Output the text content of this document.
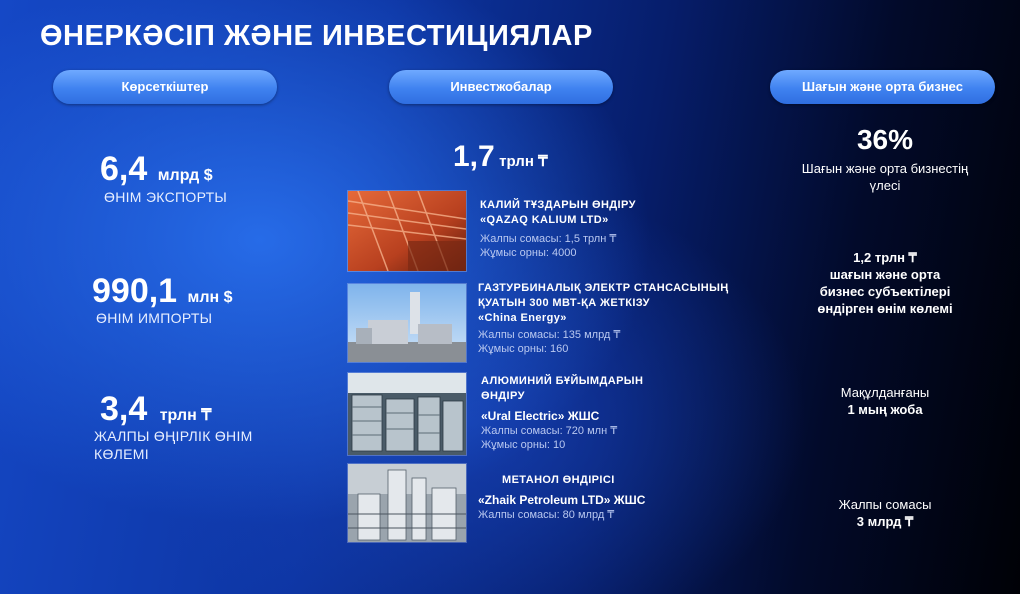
ӨНЕРКӘСІП ЖӘНЕ ИНВЕСТИЦИЯЛАР
Көрсеткіштер	Инвестжобалар	Шағын және орта бизнес
6,4 млрд $
ӨНІМ ЭКСПОРТЫ
990,1 млн $
ӨНІМ ИМПОРТЫ
3,4 трлн ₸
ЖАЛПЫ ӨҢІРЛІК ӨНІМ
КӨЛЕМІ
1,7 трлн ₸
КАЛИЙ ТҰЗДАРЫН ӨНДІРУ
«QAZAQ KALIUM LTD»
Жалпы сомасы: 1,5 трлн ₸
Жұмыс орны: 4000
ГАЗТУРБИНАЛЫҚ ЭЛЕКТР СТАНСАСЫНЫҢ
ҚУАТЫН 300 МВТ-ҚА ЖЕТКІЗУ
«China Energy»
Жалпы сомасы: 135 млрд ₸
Жұмыс орны: 160
АЛЮМИНИЙ БҰЙЫМДАРЫН
ӨНДІРУ
«Ural Electric» ЖШС
Жалпы сомасы: 720 млн ₸
Жұмыс орны: 10
МЕТАНОЛ ӨНДІРІСІ
«Zhaik Petroleum LTD» ЖШС
Жалпы сомасы: 80 млрд ₸
36%
Шағын және орта бизнестің
үлесі
1,2 трлн ₸
шағын және орта
бизнес субъектілері
өндірген өнім көлемі
Мақұлданғаны
1 мың жоба
Жалпы сомасы
3 млрд ₸
